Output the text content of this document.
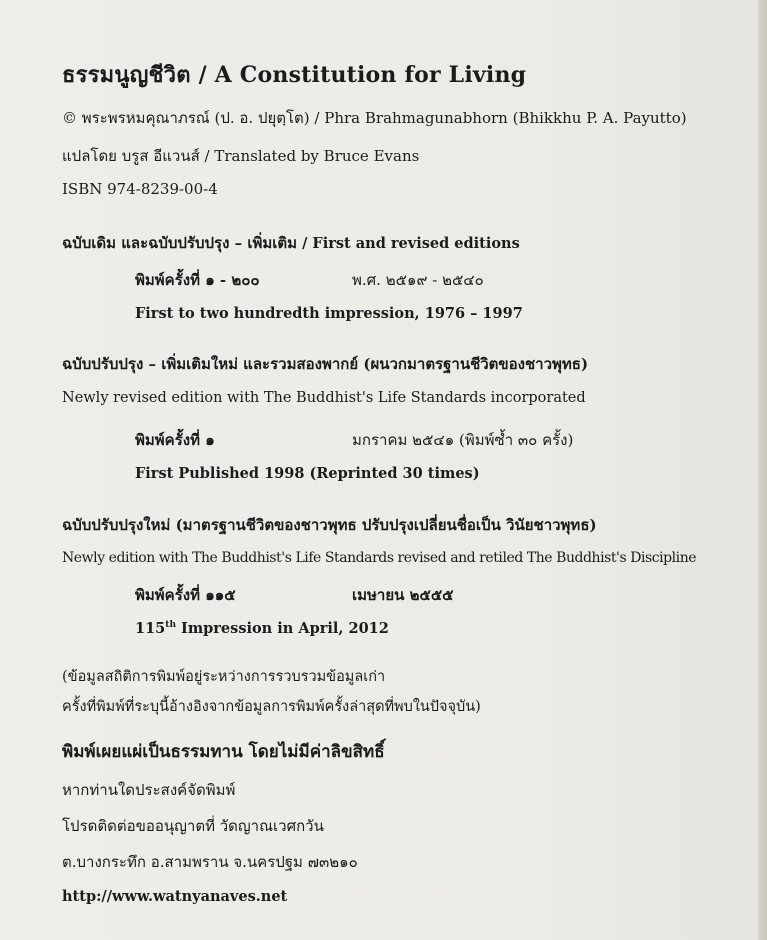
ธรรมนูญชีวิต / A Constitution for Living
© พระพรหมคุณาภรณ์ (ป. อ. ปยุตฺโต) / Phra Brahmagunabhorn (Bhikkhu P. A. Payutto)
แปลโดย บรูส อีแวนส์ / Translated by Bruce Evans
ISBN 974-8239-00-4
ฉบับเดิม และฉบับปรับปรุง – เพิ่มเติม / First and revised editions
พิมพ์ครั้งที่ ๑ - ๒๐๐	พ.ศ. ๒๕๑๙ - ๒๕๔๐
First to two hundredth impression, 1976 – 1997
ฉบับปรับปรุง – เพิ่มเติมใหม่ และรวมสองพากย์ (ผนวกมาตรฐานชีวิตของชาวพุทธ)
Newly revised edition with The Buddhist's Life Standards incorporated
พิมพ์ครั้งที่ ๑	มกราคม ๒๕๔๑ (พิมพ์ซ้ำ ๓๐ ครั้ง)
First Published 1998 (Reprinted 30 times)
ฉบับปรับปรุงใหม่ (มาตรฐานชีวิตของชาวพุทธ ปรับปรุงเปลี่ยนชื่อเป็น วินัยชาวพุทธ)
Newly edition with The Buddhist's Life Standards revised and retiled The Buddhist's Discipline
พิมพ์ครั้งที่ ๑๑๕	เมษายน ๒๕๕๕
115th Impression in April, 2012
(ข้อมูลสถิติการพิมพ์อยู่ระหว่างการรวบรวมข้อมูลเก่า
ครั้งที่พิมพ์ที่ระบุนี้อ้างอิงจากข้อมูลการพิมพ์ครั้งล่าสุดที่พบในปัจจุบัน)
พิมพ์เผยแผ่เป็นธรรมทาน โดยไม่มีค่าลิขสิทธิ์
หากท่านใดประสงค์จัดพิมพ์
โปรดติดต่อขออนุญาตที่ วัดญาณเวศกวัน
ต.บางกระทึก อ.สามพราน จ.นครปฐม ๗๓๒๑๐
http://www.watnyanaves.net
